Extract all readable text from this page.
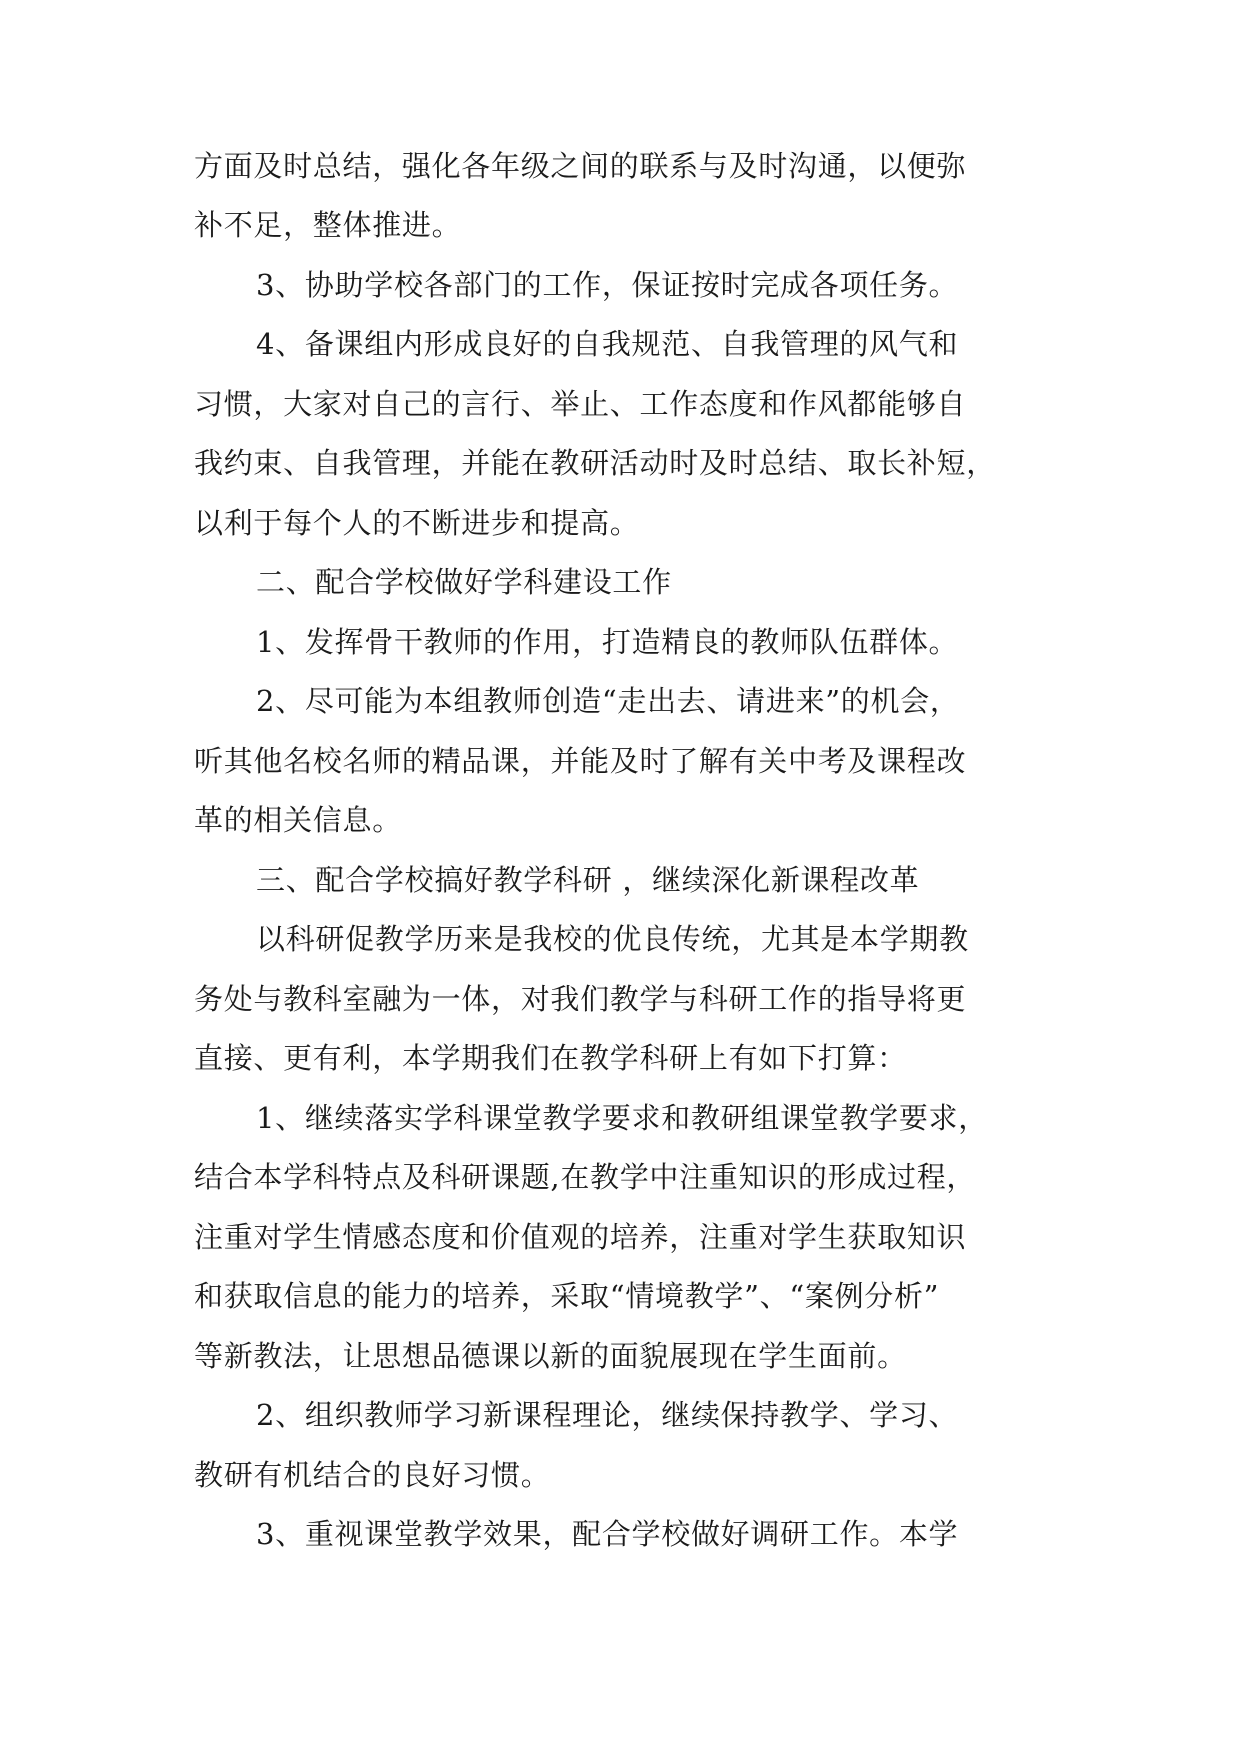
方面及时总结，强化各年级之间的联系与及时沟通，以便弥
补不足，整体推进。
3、协助学校各部门的工作，保证按时完成各项任务。
4、备课组内形成良好的自我规范、自我管理的风气和
习惯，大家对自己的言行、举止、工作态度和作风都能够自
我约束、自我管理，并能在教研活动时及时总结、取长补短，
以利于每个人的不断进步和提高。
二、配合学校做好学科建设工作
1、发挥骨干教师的作用，打造精良的教师队伍群体。
2、尽可能为本组教师创造“走出去、请进来”的机会，
听其他名校名师的精品课，并能及时了解有关中考及课程改
革的相关信息。
三、配合学校搞好教学科研 ，继续深化新课程改革
以科研促教学历来是我校的优良传统，尤其是本学期教
务处与教科室融为一体，对我们教学与科研工作的指导将更
直接、更有利，本学期我们在教学科研上有如下打算：
1、继续落实学科课堂教学要求和教研组课堂教学要求，
结合本学科特点及科研课题,在教学中注重知识的形成过程，
注重对学生情感态度和价值观的培养，注重对学生获取知识
和获取信息的能力的培养，采取“情境教学”、“案例分析”
等新教法，让思想品德课以新的面貌展现在学生面前。
2、组织教师学习新课程理论，继续保持教学、学习、
教研有机结合的良好习惯。
3、重视课堂教学效果，配合学校做好调研工作。本学
